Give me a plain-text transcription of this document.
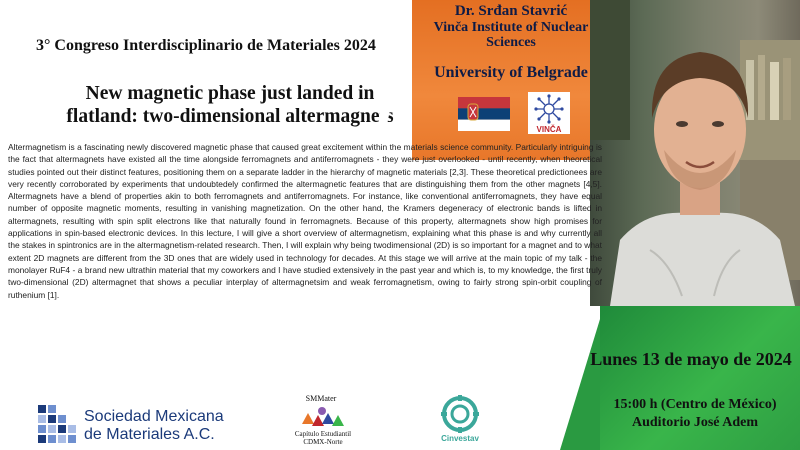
3° Congreso Interdisciplinario de Materiales 2024
New magnetic phase just landed in flatland: two-dimensional altermagnets
Dr. Srđan Stavrić
Vinča Institute of Nuclear Sciences
University of Belgrade
VINČA
Altermagnetism is a fascinating newly discovered magnetic phase that caused great excitement within the materials science community. Particularly intriguing is the fact that altermagnets have existed all the time alongside ferromagnets and antiferromagnets - they were just overlooked - until recently, when theoretical studies pointed out their distinct features, positioning them on a separate ladder in the hierarchy of magnetic materials [2,3]. These theoretical predictionees are very recently corroborated by experiments that undoubtedely confirmed the altermagnetic features that are distinguishing them from the other magnets [4,5]. Altermagnets have a blend of properties akin to both ferromagnets and antiferromagnets. For instance, like conventional antiferromagnets, they have equal number of opposite magnetic moments, resulting in vanishing magnetization. On the other hand, the Kramers degeneracy of electronic bands is lifted in altermagnets, resulting with spin split electrons like that naturally found in ferromagnets. Because of this property, altermagnets show high promises for applications in spin-based electronic devices. In this lecture, I will give a short overview of altermagnetism, explaining what this phase is and why currently all the stakes in spintronics are in the altermagnetism-related research. Then, I will explain why being twodimensional (2D) is so important for a magnet and to what extent 2D magnets are different from the 3D ones that are widely used in technology for decades. At this stage we will arrive at the main topic of my talk - the monolayer RuF4 - a brand new ultrathin material that my coworkers and I have studied extensively in the past year and which is, to my knowledge, the first truly two-dimensional (2D) altermagnet that shows a peculiar interplay of altermagnetsim and weak ferromagnetism, owing to fairly strong spin-orbit coupling of ruthenium [1].
Lunes 13 de mayo de 2024
15:00 h (Centro de México)
Auditorio José Adem
Sociedad Mexicana
de Materiales A.C.
SMMater
Capítulo Estudiantil
CDMX-Norte	Cinvestav
